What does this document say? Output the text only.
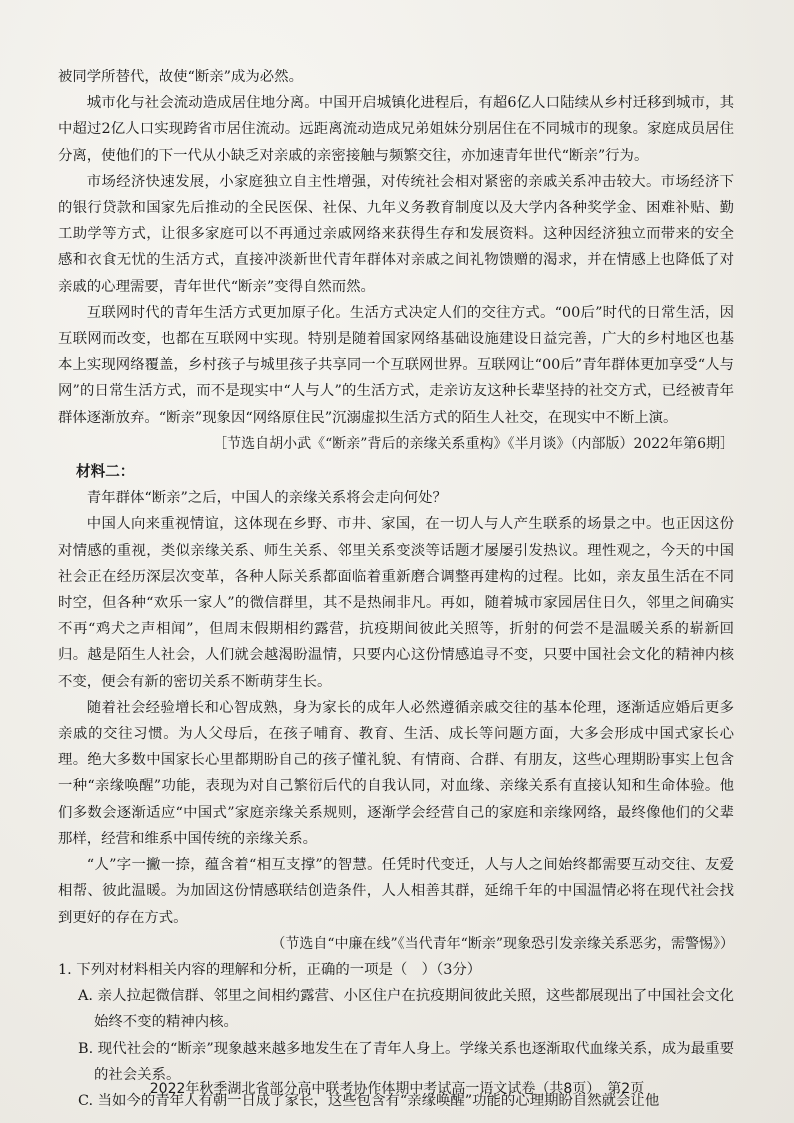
被同学所替代，故使“断亲”成为必然。

城市化与社会流动造成居住地分离。中国开启城镇化进程后，有超6亿人口陆续从乡村迁移到城市，其中超过2亿人口实现跨省市居住流动。远距离流动造成兄弟姐妹分别居住在不同城市的现象。家庭成员居住分离，使他们的下一代从小缺乏对亲戚的亲密接触与频繁交往，亦加速青年世代“断亲”行为。

市场经济快速发展，小家庭独立自主性增强，对传统社会相对紧密的亲戚关系冲击较大。市场经济下的银行贷款和国家先后推动的全民医保、社保、九年义务教育制度以及大学内各种奖学金、困难补贴、勤工助学等方式，让很多家庭可以不再通过亲戚网络来获得生存和发展资料。这种因经济独立而带来的安全感和衣食无忧的生活方式，直接冲淡新世代青年群体对亲戚之间礼物馈赠的渴求，并在情感上也降低了对亲戚的心理需要，青年世代“断亲”变得自然而然。

互联网时代的青年生活方式更加原子化。生活方式决定人们的交往方式。“00后”时代的日常生活，因互联网而改变，也都在互联网中实现。特别是随着国家网络基础设施建设日益完善，广大的乡村地区也基本上实现网络覆盖，乡村孩子与城里孩子共享同一个互联网世界。互联网让“00后”青年群体更加享受“人与网”的日常生活方式，而不是现实中“人与人”的生活方式，走亲访友这种长辈坚持的社交方式，已经被青年群体逐渐放弃。“断亲”现象因“网络原住民”沉溺虚拟生活方式的陌生人社交，在现实中不断上演。

［节选自胡小武《“断亲”背后的亲缘关系重构》《半月谈》（内部版）2022年第6期］

材料二：

青年群体“断亲”之后，中国人的亲缘关系将会走向何处？

中国人向来重视情谊，这体现在乡野、市井、家国，在一切人与人产生联系的场景之中。也正因这份对情感的重视，类似亲缘关系、师生关系、邻里关系变淡等话题才屡屡引发热议。理性观之，今天的中国社会正在经历深层次变革，各种人际关系都面临着重新磨合调整再建构的过程。比如，亲友虽生活在不同时空，但各种“欢乐一家人”的微信群里，其不是热闹非凡。再如，随着城市家园居住日久，邻里之间确实不再“鸡犬之声相闻”，但周末假期相约露营，抗疫期间彼此关照等，折射的何尝不是温暖关系的崭新回归。越是陌生人社会，人们就会越渴盼温情，只要内心这份情感追寻不变，只要中国社会文化的精神内核不变，便会有新的密切关系不断萌芽生长。

随着社会经验增长和心智成熟，身为家长的成年人必然遵循亲戚交往的基本伦理，逐渐适应婚后更多亲戚的交往习惯。为人父母后，在孩子哺育、教育、生活、成长等问题方面，大多会形成中国式家长心理。绝大多数中国家长心里都期盼自己的孩子懂礼貌、有情商、合群、有朋友，这些心理期盼事实上包含一种“亲缘唤醒”功能，表现为对自己繁衍后代的自我认同，对血缘、亲缘关系有直接认知和生命体验。他们多数会逐渐适应“中国式”家庭亲缘关系规则，逐渐学会经营自己的家庭和亲缘网络，最终像他们的父辈那样，经营和维系中国传统的亲缘关系。

“人”字一撇一捺，蕴含着“相互支撑”的智慧。任凭时代变迁，人与人之间始终都需要互动交往、友爱相帮、彼此温暖。为加固这份情感联结创造条件，人人相善其群，延绵千年的中国温情必将在现代社会找到更好的存在方式。

（节选自“中廉在线”《当代青年“断亲”现象恐引发亲缘关系恶劣，需警惕》）

1. 下列对材料相关内容的理解和分析，正确的一项是（　）（3分）

A. 亲人拉起微信群、邻里之间相约露营、小区住户在抗疫期间彼此关照，这些都展现出了中国社会文化始终不变的精神内核。

B. 现代社会的“断亲”现象越来越多地发生在了青年人身上。学缘关系也逐渐取代血缘关系，成为最重要的社会关系。

C. 当如今的青年人有朝一日成了家长，这些包含有“亲缘唤醒”功能的心理期盼自然就会让他

2022年秋季湖北省部分高中联考协作体期中考试高一语文试卷（共8页）　第2页
